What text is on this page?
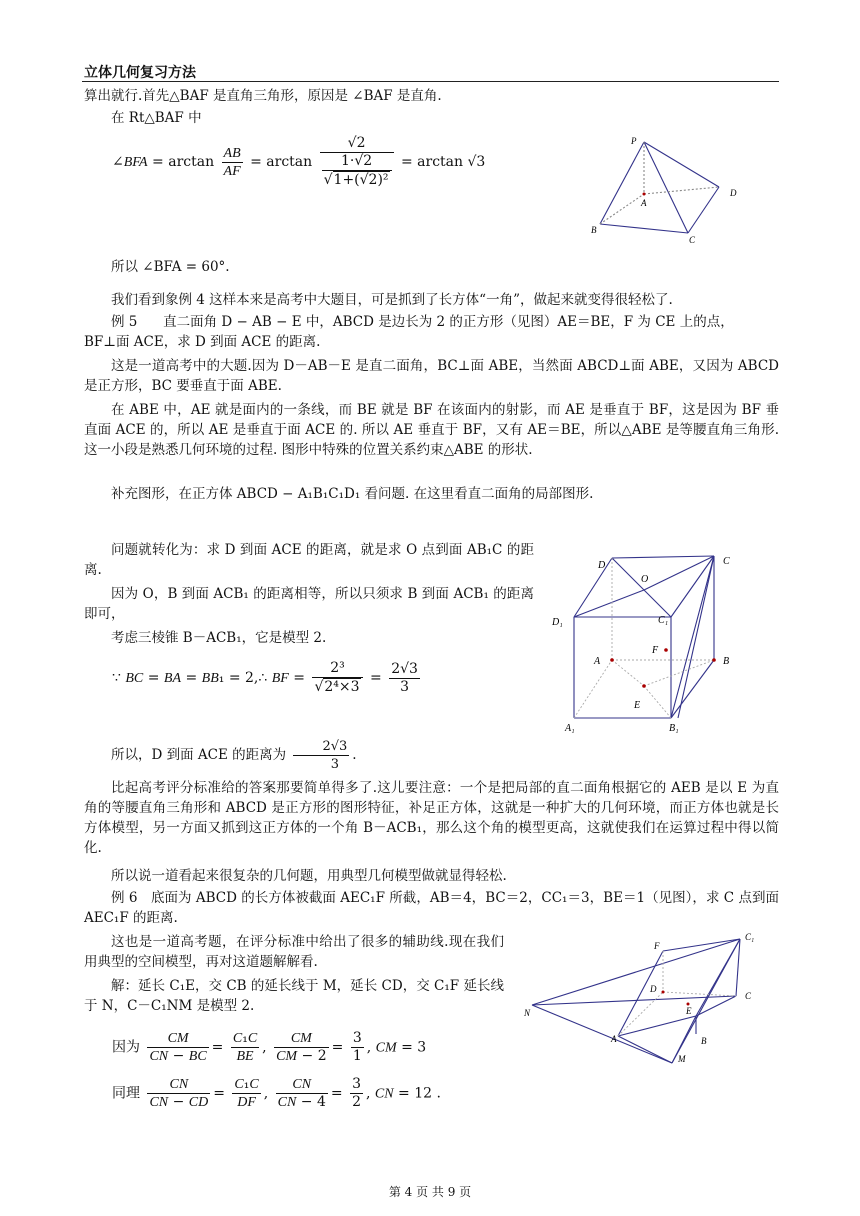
立体几何复习方法
算出就行.首先△BAF 是直角三角形，原因是 ∠BAF 是直角.
在 Rt△BAF 中
∠BFA = $\arctan \frac{AB}{AF} = \arctan \frac{√2}{\frac{1\cdot√2}{\text{√1+(√2)²}}} = \arctan √3$
P
A
D
B
C
所以 ∠BFA = 60°.
我们看到象例 4 这样本来是高考中大题目，可是抓到了长方体“一角”，做起来就变得很轻松了.
例 5 直二面角 D − AB − E 中，ABCD 是边长为 2 的正方形（见图）AE＝BE，F 为 CE 上的点，
BF⊥面 ACE，求 D 到面 ACE 的距离.
这是一道高考中的大题.因为 D－AB－E 是直二面角，BC⊥面 ABE，当然面 ABCD⊥面 ABE，又因为 ABCD 是正方形，BC 要垂直于面 ABE.
在 ABE 中，AE 就是面内的一条线，而 BE 就是 BF 在该面内的射影，而 AE 是垂直于 BF，这是因为 BF 垂直面 ACE 的，所以 AE 是垂直于面 ACE 的. 所以 AE 垂直于 BF，又有 AE＝BE，所以△ABE 是等腰直角三角形. 这一小段是熟悉几何环境的过程. 图形中特殊的位置关系约束△ABE 的形状.
补充图形，在正方体 ABCD − A₁B₁C₁D₁ 看问题. 在这里看直二面角的局部图形.
问题就转化为：求 D 到面 ACE 的距离，就是求 O 点到面 AB₁C 的距离.
因为 O，B 到面 ACB₁ 的距离相等，所以只须求 B 到面 ACB₁ 的距离即可，
考虑三棱锥 B－ACB₁，它是模型 2.
∵ BC = BA = BB₁ = 2,∴ BF = $\frac{\text{2³}}{\text{√2⁴×3}} = \frac{2√3}{3}$
所以，D 到面 ACE 的距离为 $\frac{2√3}{3}$ .
D	C
O
D₁	C₁
A
F
B
E
A₁	B₁
比起高考评分标准给的答案那要简单得多了.这儿要注意：一个是把局部的直二面角根据它的 AEB 是以 E 为直角的等腰直角三角形和 ABCD 是正方形的图形特征，补足正方体，这就是一种扩大的几何环境，而正方体也就是长方体模型，另一方面又抓到这正方体的一个角 B－ACB₁，那么这个角的模型更高，这就使我们在运算过程中得以简化.
所以说一道看起来很复杂的几何题，用典型几何模型做就显得轻松.
例 6　底面为 ABCD 的长方体被截面 AEC₁F 所截，AB＝4，BC＝2，CC₁＝3，BE＝1（见图），求 C 点到面 AEC₁F 的距离.
这也是一道高考题，在评分标准中给出了很多的辅助线.现在我们用典型的空间模型，再对这道题解解看.
解：延长 C₁E，交 CB 的延长线于 M，延长 CD，交 C₁F 延长线于 N，C－C₁NM 是模型 2.
因为 $\frac{CM}{CN - BC} = \frac{\text{C₁C}}{BE}$ , $\frac{CM}{CM - 2} = \frac{3}{1}$ , CM = 3
同理 $\frac{CN}{CN - CD} = \frac{\text{C₁C}}{DF}$ , $\frac{CN}{CN - 4} = \frac{3}{2}$ , CN = 12 .
C₁
F
D
N
C
E
A	B
M
第 4 页 共 9 页
